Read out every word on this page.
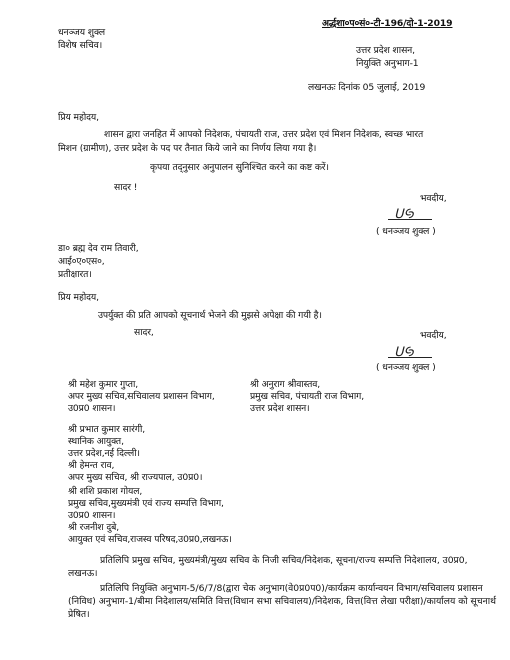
धनञ्जय शुक्ल
विशेष सचिव।
अर्द्धशा०प०सं०-टी-196/दो-1-2019
उत्तर प्रदेश शासन,
नियुक्ति अनुभाग-1
लखनऊः दिनांक 05 जुलाई, 2019
प्रिय महोदय,
शासन द्वारा जनहित में आपको निदेशक, पंचायती राज, उत्तर प्रदेश एवं मिशन निदेशक, स्वच्छ भारत
मिशन (ग्रामीण), उत्तर प्रदेश के पद पर तैनात किये जाने का निर्णय लिया गया है।
कृपया तद्नुसार अनुपालन सुनिश्चित करने का कष्ट करें।
सादर !
भवदीय,
ᑌꚸ
( धनञ्जय शुक्ल )
डा० ब्रह्म देव राम तिवारी,
आई०ए०एस०,
प्रतीक्षारत।
प्रिय महोदय,
उपर्युक्त की प्रति आपको सूचनार्थ भेजने की मुझसे अपेक्षा की गयी है।
सादर,	भवदीय,
ᑌꚸ
( धनञ्जय शुक्ल )
श्री महेश कुमार गुप्ता,
अपर मुख्य सचिव,सचिवालय प्रशासन विभाग,
उ0प्र0 शासन।
श्री प्रभात कुमार सारंगी,
स्थानिक आयुक्त,
उत्तर प्रदेश,नई दिल्ली।
श्री हेमन्त राव,
अपर मुख्य सचिव, श्री राज्यपाल, उ0प्र0।
श्री शशि प्रकाश गोयल,
प्रमुख सचिव,मुख्यमंत्री एवं राज्य सम्पत्ति विभाग,
उ0प्र0 शासन।
श्री रजनीश दुबे,
आयुक्त एवं सचिव,राजस्व परिषद,उ0प्र0,लखनऊ।
श्री अनुराग श्रीवास्तव,
प्रमुख सचिव, पंचायती राज विभाग,
उत्तर प्रदेश शासन।
प्रतिलिपि प्रमुख सचिव, मुख्यमंत्री/मुख्य सचिव के निजी सचिव/निदेशक, सूचना/राज्य सम्पत्ति निदेशालय, उ0प्र0, लखनऊ।
प्रतिलिपि नियुक्ति अनुभाग-5/6/7/8(द्वारा चेक अनुभाग(वे0प्र0प0)/कार्यक्रम कार्यान्वयन विभाग/सचिवालय प्रशासन (निविध) अनुभाग-1/बीमा निदेशालय/समिति वित्त(विधान सभा सचिवालय)/निदेशक, वित्त(वित्त लेखा परीक्षा)/कार्यालय को सूचनार्थ प्रेषित।
